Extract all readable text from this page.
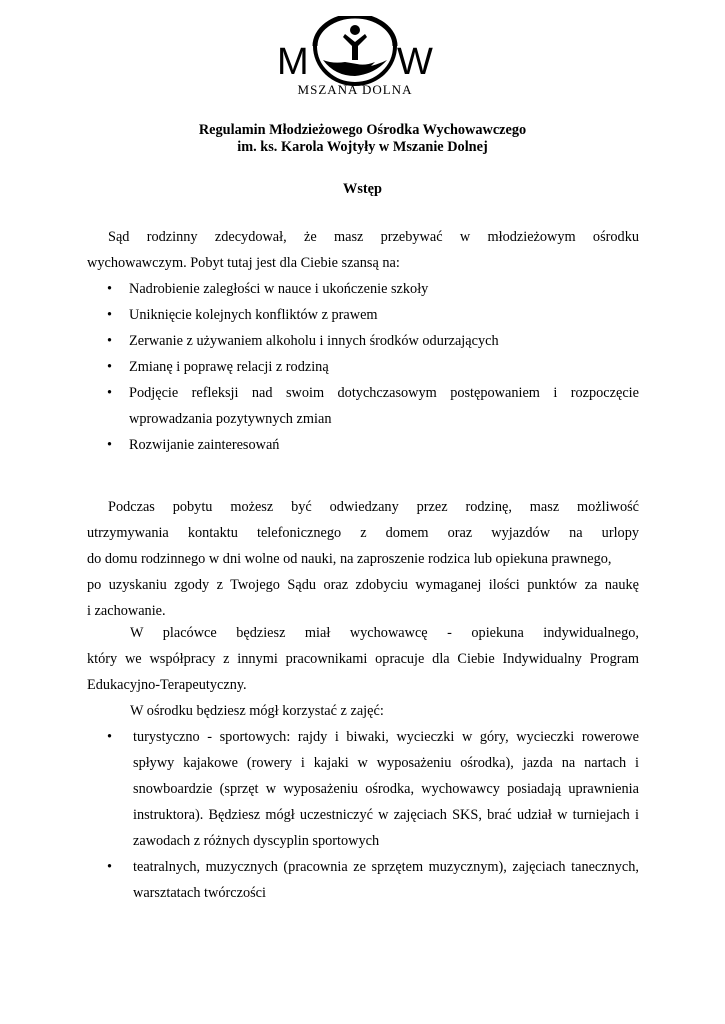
M W
MSZANA DOLNA
Regulamin Młodzieżowego Ośrodka Wychowawczego
im. ks. Karola Wojtyły w Mszanie Dolnej
Wstęp
Sąd rodzinny zdecydował, że masz przebywać w młodzieżowym ośrodku
wychowawczym. Pobyt tutaj jest dla Ciebie szansą na:
• Nadrobienie zaległości w nauce i ukończenie szkoły
• Uniknięcie kolejnych konfliktów z prawem
• Zerwanie z używaniem alkoholu i innych środków odurzających
• Zmianę i poprawę relacji z rodziną
• Podjęcie refleksji nad swoim dotychczasowym postępowaniem i rozpoczęcie wprowadzania pozytywnych zmian
• Rozwijanie zainteresowań
Podczas pobytu możesz być odwiedzany przez rodzinę, masz możliwość
utrzymywania kontaktu telefonicznego z domem oraz wyjazdów na urlopy
do domu rodzinnego w dni wolne od nauki, na zaproszenie rodzica lub opiekuna prawnego,
po uzyskaniu zgody z Twojego Sądu oraz zdobyciu wymaganej ilości punktów za naukę
i zachowanie.
W placówce będziesz miał wychowawcę - opiekuna indywidualnego,
który we współpracy z innymi pracownikami opracuje dla Ciebie Indywidualny Program
Edukacyjno-Terapeutyczny.
W ośrodku będziesz mógł korzystać z zajęć:
• turystyczno - sportowych: rajdy i biwaki, wycieczki w góry, wycieczki rowerowe spływy kajakowe (rowery i kajaki w wyposażeniu ośrodka), jazda na nartach i snowboardzie (sprzęt w wyposażeniu ośrodka, wychowawcy posiadają uprawnienia instruktora). Będziesz mógł uczestniczyć w zajęciach SKS, brać udział w turniejach i zawodach z różnych dyscyplin sportowych
• teatralnych, muzycznych (pracownia ze sprzętem muzycznym), zajęciach tanecznych, warsztatach twórczości
